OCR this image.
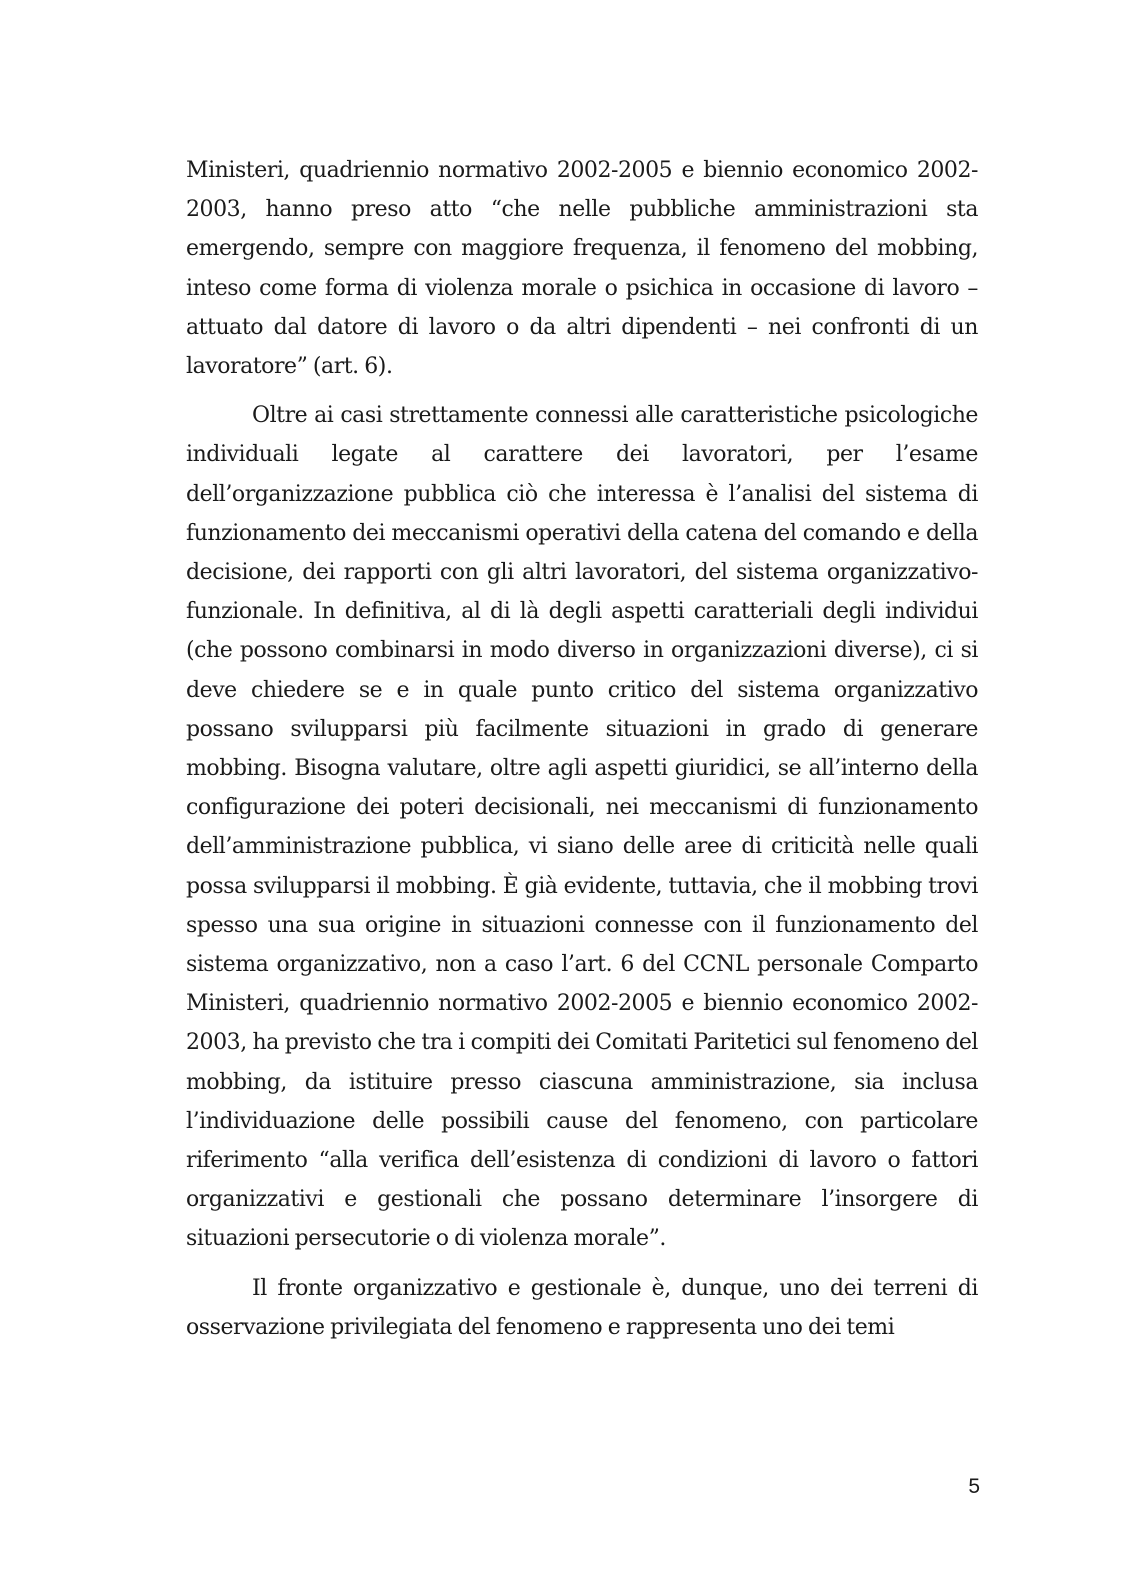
Ministeri, quadriennio normativo 2002-2005 e biennio economico 2002-2003, hanno preso atto “che nelle pubbliche amministrazioni sta emergendo, sempre con maggiore frequenza, il fenomeno del mobbing, inteso come forma di violenza morale o psichica in occasione di lavoro – attuato dal datore di lavoro o da altri dipendenti – nei confronti di un lavoratore” (art. 6).

Oltre ai casi strettamente connessi alle caratteristiche psicologiche individuali legate al carattere dei lavoratori, per l’esame dell’organizzazione pubblica ciò che interessa è l’analisi del sistema di funzionamento dei meccanismi operativi della catena del comando e della decisione, dei rapporti con gli altri lavoratori, del sistema organizzativo-funzionale. In definitiva, al di là degli aspetti caratteriali degli individui (che possono combinarsi in modo diverso in organizzazioni diverse), ci si deve chiedere se e in quale punto critico del sistema organizzativo possano svilupparsi più facilmente situazioni in grado di generare mobbing. Bisogna valutare, oltre agli aspetti giuridici, se all’interno della configurazione dei poteri decisionali, nei meccanismi di funzionamento dell’amministrazione pubblica, vi siano delle aree di criticità nelle quali possa svilupparsi il mobbing. È già evidente, tuttavia, che il mobbing trovi spesso una sua origine in situazioni connesse con il funzionamento del sistema organizzativo, non a caso l’art. 6 del CCNL personale Comparto Ministeri, quadriennio normativo 2002-2005 e biennio economico 2002-2003, ha previsto che tra i compiti dei Comitati Paritetici sul fenomeno del mobbing, da istituire presso ciascuna amministrazione, sia inclusa l’individuazione delle possibili cause del fenomeno, con particolare riferimento “alla verifica dell’esistenza di condizioni di lavoro o fattori organizzativi e gestionali che possano determinare l’insorgere di situazioni persecutorie o di violenza morale”.

Il fronte organizzativo e gestionale è, dunque, uno dei terreni di osservazione privilegiata del fenomeno e rappresenta uno dei temi

5
